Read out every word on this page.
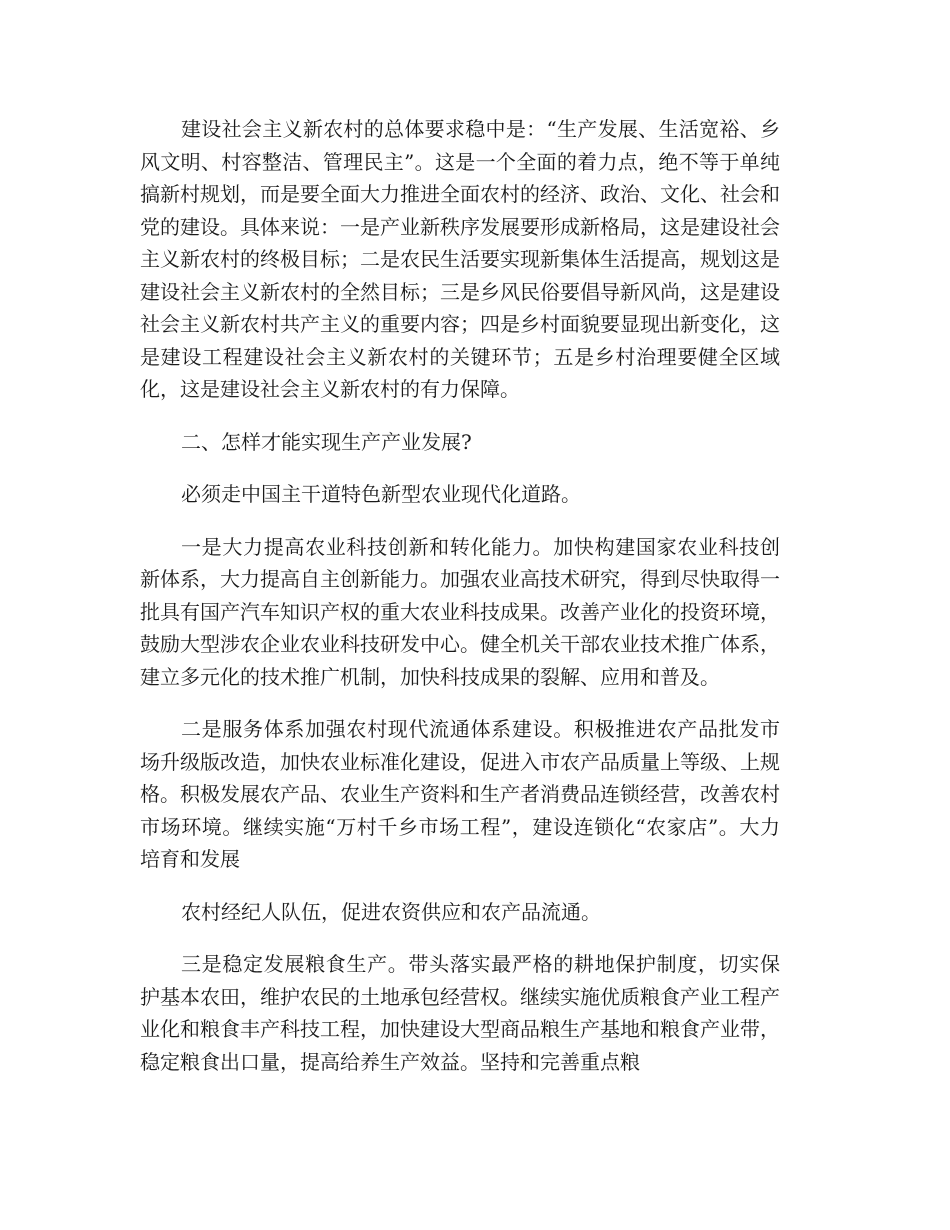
建设社会主义新农村的总体要求稳中是：“生产发展、生活宽裕、乡风文明、村容整洁、管理民主”。这是一个全面的着力点，绝不等于单纯搞新村规划，而是要全面大力推进全面农村的经济、政治、文化、社会和党的建设。具体来说：一是产业新秩序发展要形成新格局，这是建设社会主义新农村的终极目标；二是农民生活要实现新集体生活提高，规划这是建设社会主义新农村的全然目标；三是乡风民俗要倡导新风尚，这是建设社会主义新农村共产主义的重要内容；四是乡村面貌要显现出新变化，这是建设工程建设社会主义新农村的关键环节；五是乡村治理要健全区域化，这是建设社会主义新农村的有力保障。

二、怎样才能实现生产产业发展?

必须走中国主干道特色新型农业现代化道路。

一是大力提高农业科技创新和转化能力。加快构建国家农业科技创新体系，大力提高自主创新能力。加强农业高技术研究，得到尽快取得一批具有国产汽车知识产权的重大农业科技成果。改善产业化的投资环境，鼓励大型涉农企业农业科技研发中心。健全机关干部农业技术推广体系，建立多元化的技术推广机制，加快科技成果的裂解、应用和普及。

二是服务体系加强农村现代流通体系建设。积极推进农产品批发市场升级版改造，加快农业标准化建设，促进入市农产品质量上等级、上规格。积极发展农产品、农业生产资料和生产者消费品连锁经营，改善农村市场环境。继续实施“万村千乡市场工程”，建设连锁化“农家店”。大力培育和发展

农村经纪人队伍，促进农资供应和农产品流通。

三是稳定发展粮食生产。带头落实最严格的耕地保护制度，切实保护基本农田，维护农民的土地承包经营权。继续实施优质粮食产业工程产业化和粮食丰产科技工程，加快建设大型商品粮生产基地和粮食产业带，稳定粮食出口量，提高给养生产效益。坚持和完善重点粮
